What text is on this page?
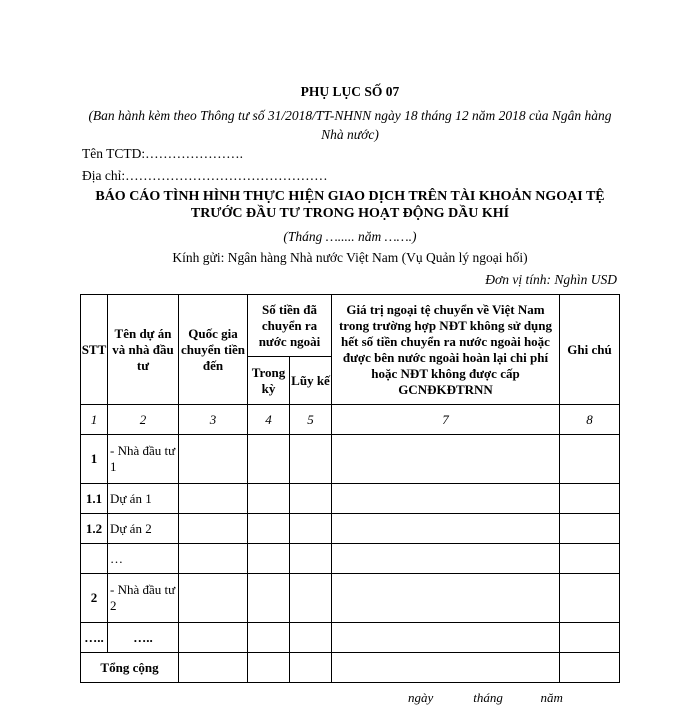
PHỤ LỤC SỐ 07
(Ban hành kèm theo Thông tư số 31/2018/TT-NHNN ngày 18 tháng 12 năm 2018 của Ngân hàng Nhà nước)
Tên TCTD:………………….
Địa chỉ:………………………………………
BÁO CÁO TÌNH HÌNH THỰC HIỆN GIAO DỊCH TRÊN TÀI KHOẢN NGOẠI TỆ
TRƯỚC ĐẦU TƯ TRONG HOẠT ĐỘNG DẦU KHÍ
(Tháng …..... năm …….)
Kính gửi: Ngân hàng Nhà nước Việt Nam (Vụ Quản lý ngoại hối)
Đơn vị tính: Nghìn USD
STT	Tên dự án và nhà đầu tư	Quốc gia chuyển tiền đến	Số tiền đã chuyển ra nước ngoài		Giá trị ngoại tệ chuyển về Việt Nam trong trường hợp NĐT không sử dụng hết số tiền chuyển ra nước ngoài hoặc được bên nước ngoài hoàn lại chi phí hoặc NĐT không được cấp GCNĐKĐTRNN	Ghi chú
			Trong kỳ	Lũy kế		
1	2	3	4	5	7	8
1	- Nhà đầu tư 1					
1.1	Dự án 1					
1.2	Dự án 2					
	…					
2	- Nhà đầu tư 2					
…..	…..					
Tổng cộng						
ngày	tháng	năm
